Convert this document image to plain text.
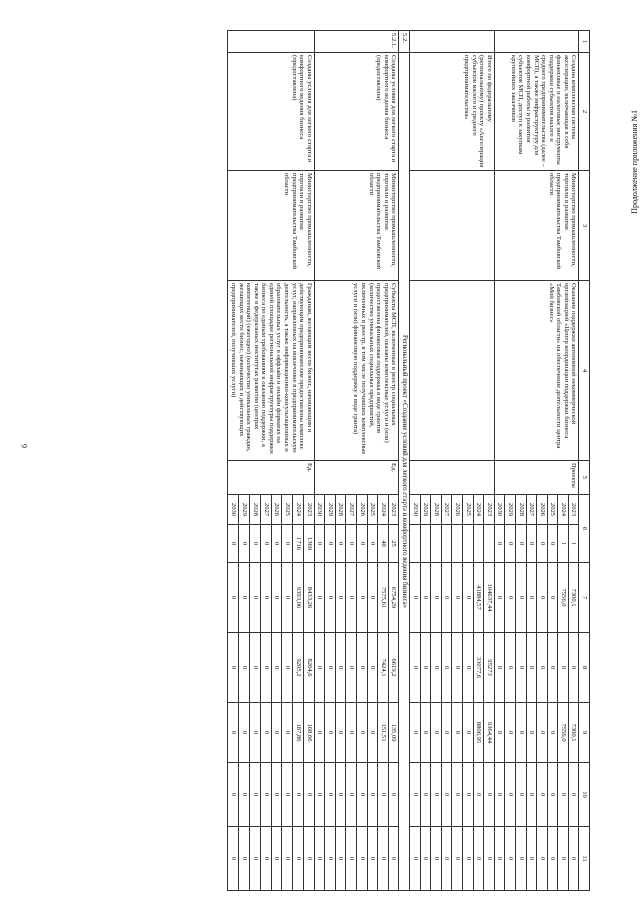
6
Продолжение приложения №1
1	2	3	4	5	6		7	8	9	10	11
	Создана комплексная система акселерации, включающая в себя финансовые и налоговые инструменты поддержки субъектов малого и среднего предпринимательства (далее – МСП), а также инфраструктуру для комфортной работы и развития субъектов МСП, доступ к закупкам крупнейших заказчиков	Министерство промышленности, торговли и развития предпринимательства Тамбовской области	Оказание поддержки автономной некоммерческой организацией «Центр координации поддержки бизнеса Тамбовской области» на обеспечение деятельности центра «Мой бизнес»	Проекты	2023	1	7300,1	0	7300,1	0	0
					2024	1	7556,0	0	7556,0	0	0
					2025	0	0	0	0	0	0
					2026	0	0	0	0	0	0
					2027	0	0	0	0	0	0
					2028	0	0	0	0	0	0
					2029	0	0	0	0	0	0
					2030	0	0	0	0	0	0
	Итого по федеральному (региональному) проекту «Акселерация субъектов малого и среднего предпринимательства»				2023		104637,44	95273	9364,44	0	0
					2024		41884,57	33077,6	8806,95	0	0
					2025		0	0	0	0	0
					2026		0	0	0	0	0
					2027		0	0	0	0	0
					2028		0	0	0	0	0
					2029		0	0	0	0	0
					2030		0	0	0	0	0
5.2.	Региональный проект «Создание условий для легкого старта и комфортного ведения бизнеса»										
5.2.1.	Созданы условия для легкого старта и комфортного ведения бизнеса (предоставлена)	Министерство промышленности, торговли и развития предпринимательства Тамбовской области	Субъекты МСП, включенные в реестр социальных предпринимателей, оказаны комплексные услуги и (или) предоставлена финансовая поддержка в виде грантов (количество уникальных социальных предприятий, включенных в реестр, в том числе получивших комплексные услуги и (или) финансовую поддержку в виде гранта)	Ед.	2023	25	6754,29	6619,2	135,09	0	0
					2024	40	7575,61	7424,1	151,51	0	0
					2025	0	0	0	0	0	0
					2026	0	0	0	0	0	0
					2027	0	0	0	0	0	0
					2028	0	0	0	0	0	0
					2029	0	0	0	0	0	0
					2030	0	0	0	0	0	0
	Созданы условия для легкого старта и комфортного ведения бизнеса (предоставлена)	Министерство промышленности, торговли и развития предпринимательства Тамбовской области	Гражданам, желающим вести бизнес, начинающим и действующим предпринимателям предоставлены комплекс услуг, направленных на вовлечение в предпринимательскую деятельность, а также информационно-консультационных и образовательных услуг в оффлайн и онлайн форматах на единой площадке региональной инфраструктуры поддержки бизнеса по единым требованиям к оказанию поддержки, а также в федеральных институтах развития (центрах компетенций) (ежегодно) (количество уникальных граждан, желающих вести бизнес, начинающих и действующих предпринимателей, получивших услуги)	Ед.	2023	1369	8433,26	8264,6	168,66	0	0
					2024	1716	9393,06	9205,2	187,86	0	0
					2025	0	0	0	0	0	0
					2026	0	0	0	0	0	0
					2027	0	0	0	0	0	0
					2028	0	0	0	0	0	0
					2029	0	0	0	0	0	0
					2030	0	0	0	0	0	0
